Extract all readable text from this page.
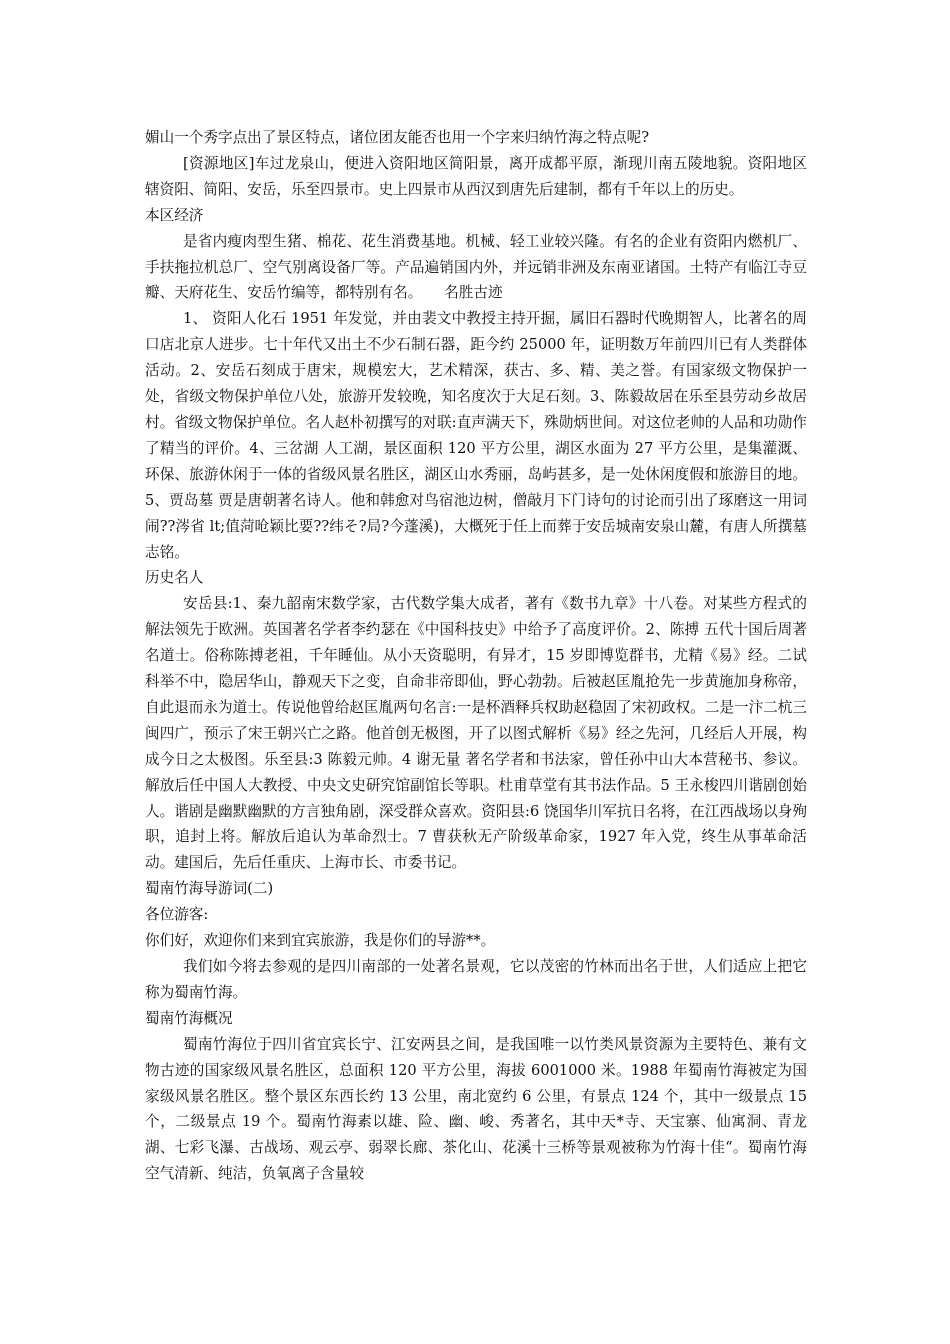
媚山一个秀字点出了景区特点，诸位团友能否也用一个字来归纳竹海之特点呢?

[资源地区]车过龙泉山，便进入资阳地区简阳景，离开成都平原，渐现川南五陵地貌。资阳地区辖资阳、简阳、安岳，乐至四景市。史上四景市从西汉到唐先后建制，都有千年以上的历史。

本区经济

是省内瘦肉型生猪、棉花、花生消费基地。机械、轻工业较兴隆。有名的企业有资阳内燃机厂、手扶拖拉机总厂、空气别离设备厂等。产品遍销国内外，并远销非洲及东南亚诸国。土特产有临江寺豆瓣、天府花生、安岳竹编等，都特别有名。　　名胜古迹

1、 资阳人化石 1951 年发觉，并由裴文中教授主持开掘，属旧石器时代晚期智人，比著名的周口店北京人进步。七十年代又出土不少石制石器，距今约 25000 年，证明数万年前四川已有人类群体活动。2、安岳石刻成于唐宋，规模宏大，艺术精深，获古、多、精、美之誉。有国家级文物保护一处，省级文物保护单位八处，旅游开发较晚，知名度次于大足石刻。3、陈毅故居在乐至县劳动乡故居村。省级文物保护单位。名人赵朴初撰写的对联:直声满天下，殊勋炳世间。对这位老帅的人品和功勋作了精当的评价。4、三岔湖 人工湖，景区面积 120 平方公里，湖区水面为 27 平方公里，是集灌溉、环保、旅游休闲于一体的省级风景名胜区，湖区山水秀丽，岛屿甚多，是一处休闲度假和旅游目的地。5、贾岛墓 贾是唐朝著名诗人。他和韩愈对鸟宿池边树，僧敲月下门诗句的讨论而引出了琢磨这一用词闹??涔省 lt;值菏呛颖比要??纬そ?局?今蓬溪)，大概死于任上而葬于安岳城南安泉山麓，有唐人所撰墓志铭。

历史名人

安岳县:1、秦九韶南宋数学家，古代数学集大成者，著有《数书九章》十八卷。对某些方程式的解法领先于欧洲。英国著名学者李约瑟在《中国科技史》中给予了高度评价。2、陈搏 五代十国后周著名道士。俗称陈搏老祖，千年睡仙。从小天资聪明，有异才，15 岁即博览群书，尤精《易》经。二试科举不中，隐居华山，静观天下之变，自命非帝即仙，野心勃勃。后被赵匡胤抢先一步黄施加身称帝，自此退而永为道士。传说他曾给赵匡胤两句名言:一是杯酒释兵权助赵稳固了宋初政权。二是一汴二杭三闽四广，预示了宋王朝兴亡之路。他首创无极图，开了以图式解析《易》经之先河，几经后人开展，构成今日之太极图。乐至县:3 陈毅元帅。4 谢无量 著名学者和书法家，曾任孙中山大本营秘书、参议。解放后任中国人大教授、中央文史研究馆副馆长等职。杜甫草堂有其书法作品。5 王永梭四川谐剧创始人。谐剧是幽默幽默的方言独角剧，深受群众喜欢。资阳县:6 饶国华川军抗日名将，在江西战场以身殉职，追封上将。解放后追认为革命烈士。7 曹获秋无产阶级革命家，1927 年入党，终生从事革命活动。建国后，先后任重庆、上海市长、市委书记。

蜀南竹海导游词(二)

各位游客:

你们好，欢迎你们来到宜宾旅游，我是你们的导游**。

我们如今将去参观的是四川南部的一处著名景观，它以茂密的竹林而出名于世，人们适应上把它称为蜀南竹海。

蜀南竹海概况

蜀南竹海位于四川省宜宾长宁、江安两县之间，是我国唯一以竹类风景资源为主要特色、兼有文物古迹的国家级风景名胜区，总面积 120 平方公里，海拔 6001000 米。1988 年蜀南竹海被定为国家级风景名胜区。整个景区东西长约 13 公里，南北宽约 6 公里，有景点 124 个，其中一级景点 15 个，二级景点 19 个。蜀南竹海素以雄、险、幽、峻、秀著名，其中天*寺、天宝寨、仙寓洞、青龙湖、七彩飞瀑、古战场、观云亭、弱翠长廊、茶化山、花溪十三桥等景观被称为竹海十佳“。蜀南竹海空气清新、纯洁，负氧离子含量较
